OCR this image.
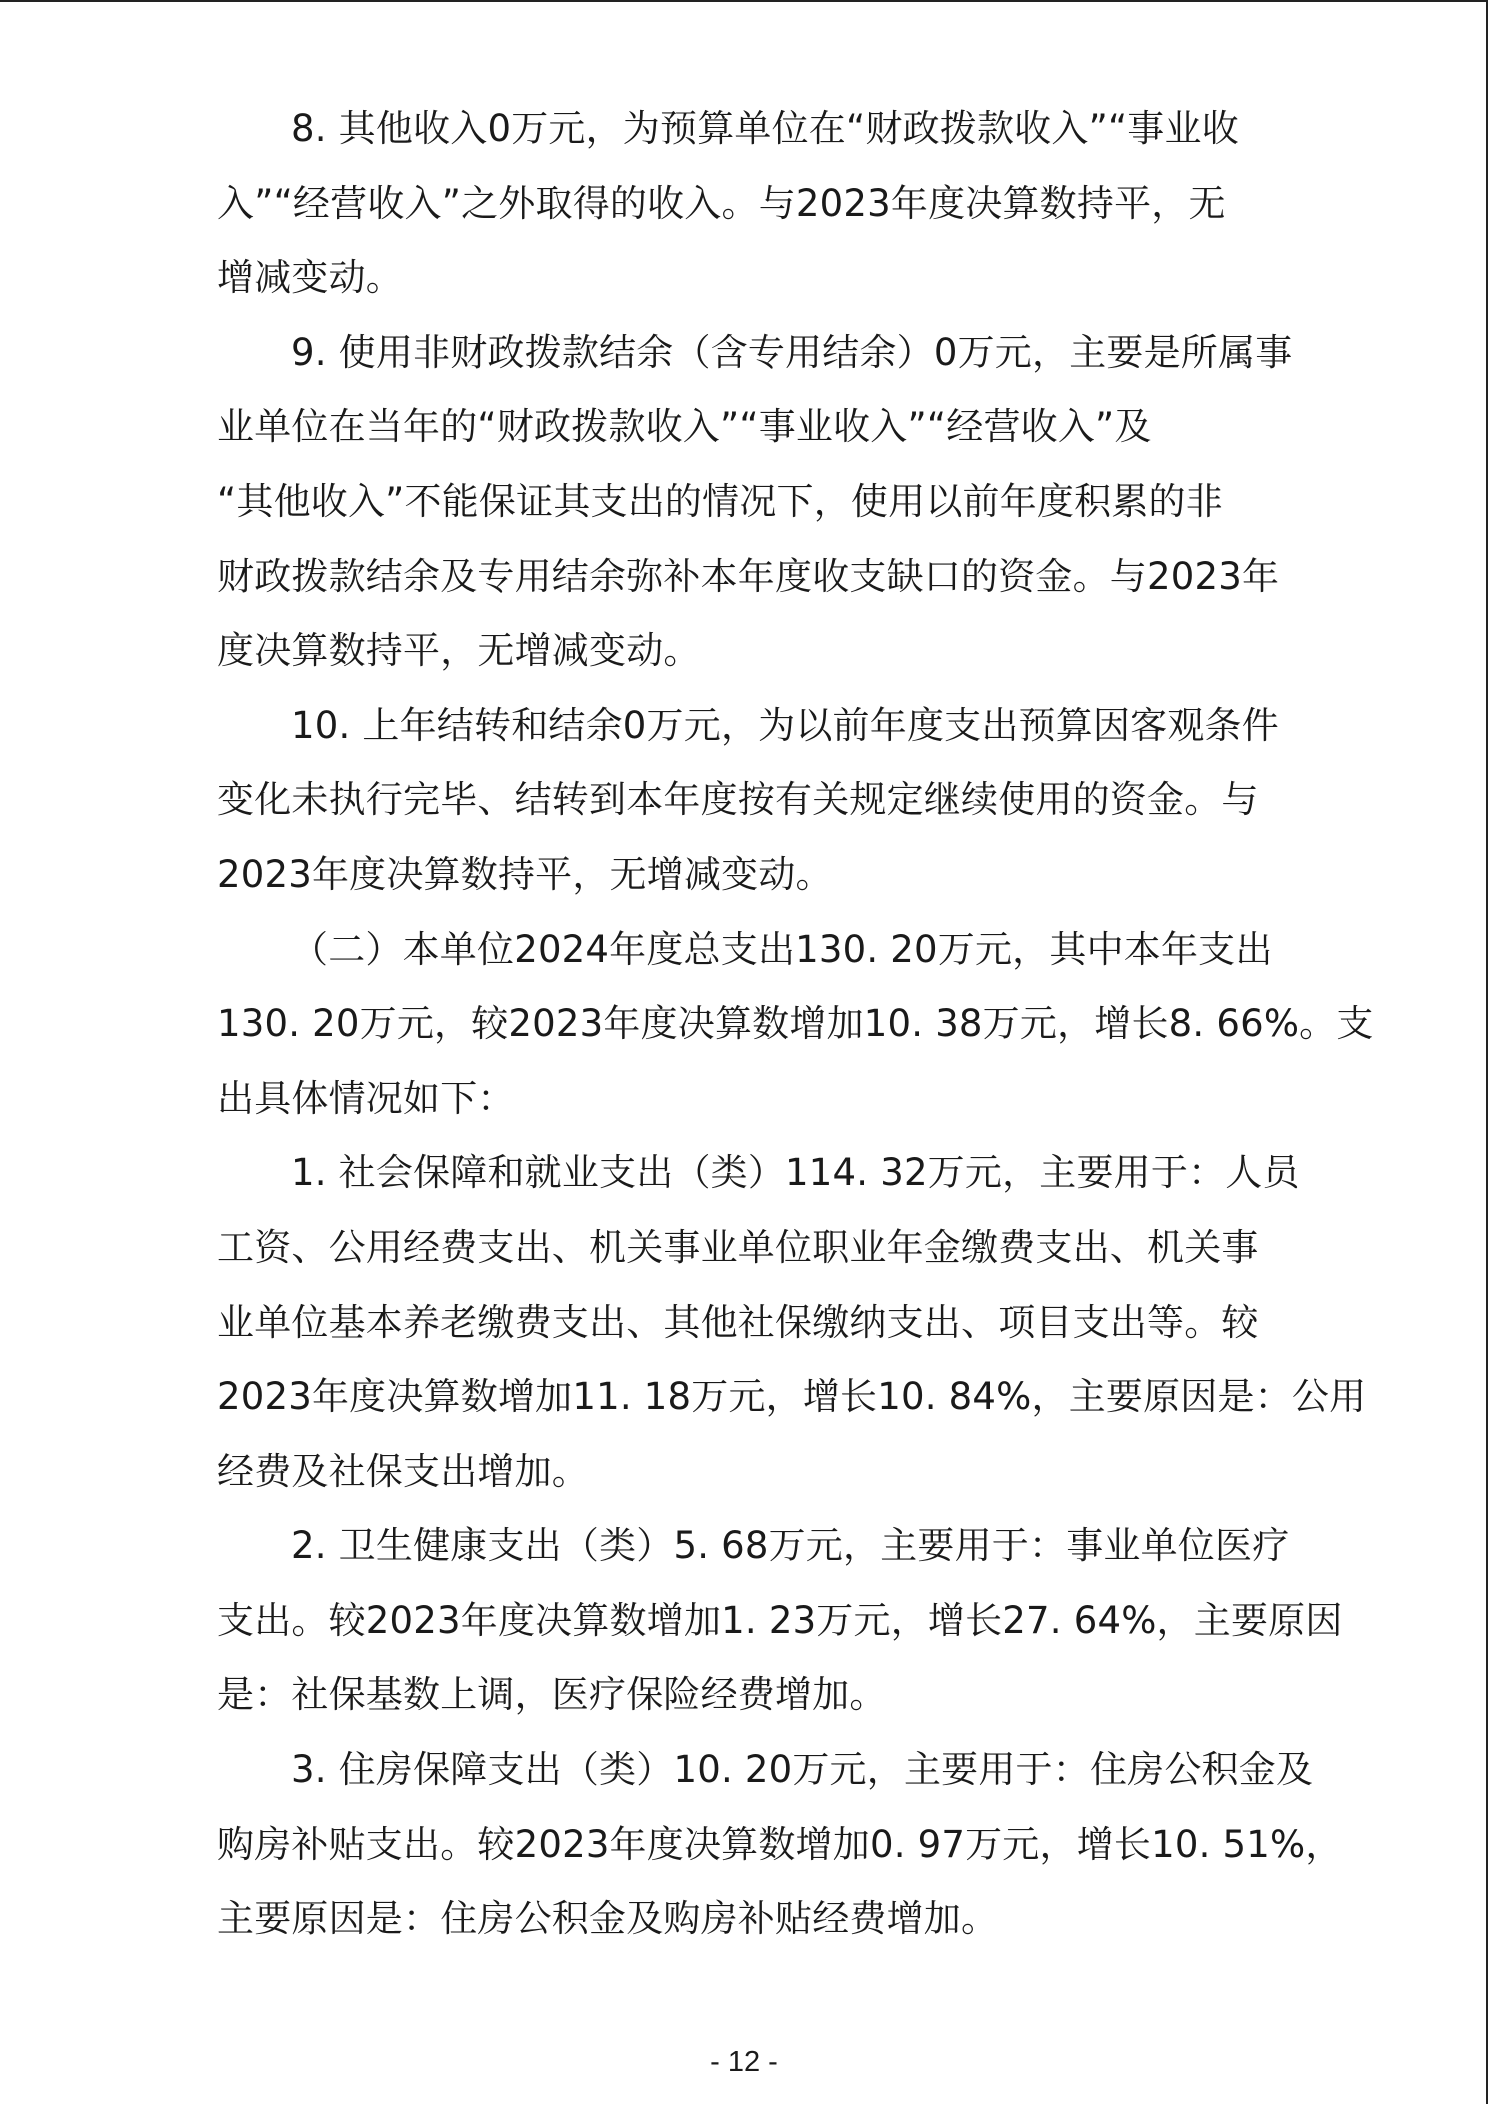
8. 其他收入0万元，为预算单位在“财政拨款收入”“事业收
入”“经营收入”之外取得的收入。与2023年度决算数持平，无
增减变动。
9. 使用非财政拨款结余（含专用结余）0万元，主要是所属事
业单位在当年的“财政拨款收入”“事业收入”“经营收入”及
“其他收入”不能保证其支出的情况下，使用以前年度积累的非
财政拨款结余及专用结余弥补本年度收支缺口的资金。与2023年
度决算数持平，无增减变动。
10. 上年结转和结余0万元，为以前年度支出预算因客观条件
变化未执行完毕、结转到本年度按有关规定继续使用的资金。与
2023年度决算数持平，无增减变动。
（二）本单位2024年度总支出130. 20万元，其中本年支出
130. 20万元，较2023年度决算数增加10. 38万元，增长8. 66%。支
出具体情况如下：
1. 社会保障和就业支出（类）114. 32万元，主要用于：人员
工资、公用经费支出、机关事业单位职业年金缴费支出、机关事
业单位基本养老缴费支出、其他社保缴纳支出、项目支出等。较
2023年度决算数增加11. 18万元，增长10. 84%，主要原因是：公用
经费及社保支出增加。
2. 卫生健康支出（类）5. 68万元，主要用于：事业单位医疗
支出。较2023年度决算数增加1. 23万元，增长27. 64%，主要原因
是：社保基数上调，医疗保险经费增加。
3. 住房保障支出（类）10. 20万元，主要用于：住房公积金及
购房补贴支出。较2023年度决算数增加0. 97万元，增长10. 51%，
主要原因是：住房公积金及购房补贴经费增加。
- 12 -
